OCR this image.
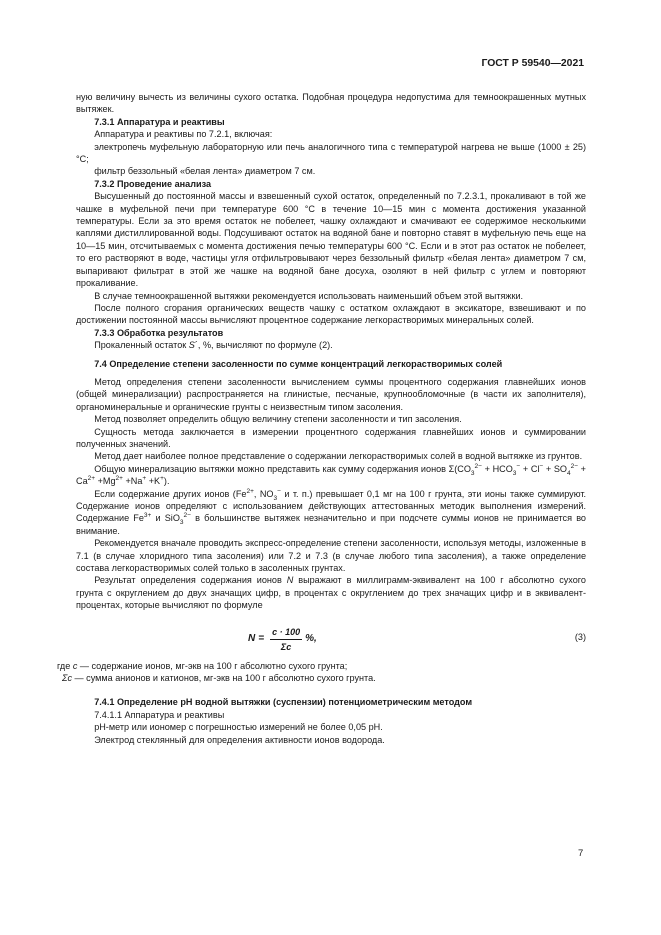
ГОСТ Р 59540—2021

ную величину вычесть из величины сухого остатка. Подобная процедура недопустима для темноокрашенных мутных вытяжек.

7.3.1 Аппаратура и реактивы

Аппаратура и реактивы по 7.2.1, включая:

электропечь муфельную лабораторную или печь аналогичного типа с температурой нагрева не выше (1000 ± 25) °С;

фильтр беззольный «белая лента» диаметром 7 см.

7.3.2 Проведение анализа

Высушенный до постоянной массы и взвешенный сухой остаток, определенный по 7.2.3.1, прокаливают в той же чашке в муфельной печи при температуре 600 °С в течение 10—15 мин с момента достижения указанной температуры. Если за это время остаток не побелеет, чашку охлаждают и смачивают ее содержимое несколькими каплями дистиллированной воды. Подсушивают остаток на водяной бане и повторно ставят в муфельную печь еще на 10—15 мин, отсчитываемых с момента достижения печью температуры 600 °С. Если и в этот раз остаток не побелеет, то его растворяют в воде, частицы угля отфильтровывают через беззольный фильтр «белая лента» диаметром 7 см, выпаривают фильтрат в этой же чашке на водяной бане досуха, озоляют в ней фильтр с углем и повторяют прокаливание.

В случае темноокрашенной вытяжки рекомендуется использовать наименьший объем этой вытяжки.

После полного сгорания органических веществ чашку с остатком охлаждают в эксикаторе, взвешивают и по достижении постоянной массы вычисляют процентное содержание легкорастворимых минеральных солей.

7.3.3 Обработка результатов

Прокаленный остаток S´, %, вычисляют по формуле (2).

7.4 Определение степени засоленности по сумме концентраций легкорастворимых солей

Метод определения степени засоленности вычислением суммы процентного содержания главнейших ионов (общей минерализации) распространяется на глинистые, песчаные, крупнообломочные (в части их заполнителя), органоминеральные и органические грунты с неизвестным типом засоления.

Метод позволяет определить общую величину степени засоленности и тип засоления.

Сущность метода заключается в измерении процентного содержания главнейших ионов и суммировании полученных значений.

Метод дает наиболее полное представление о содержании легкорастворимых солей в водной вытяжке из грунтов.

Общую минерализацию вытяжки можно представить как сумму содержания ионов $\Sigma(CO_3^{2-} + HCO_3^- + Cl^- + SO_4^{2-} + Ca^{2+} +Mg^{2+} +Na^+ +K^+)$.

Если содержание других ионов ($Fe^{2+}$, $NO_3^-$ и т. п.) превышает 0,1 мг на 100 г грунта, эти ионы также суммируют. Содержание ионов определяют с использованием действующих аттестованных методик выполнения измерений. Содержание $Fe^{3+}$ и SiO$_3^{2-}$ в большинстве вытяжек незначительно и при подсчете суммы ионов не принимается во внимание.

Рекомендуется вначале проводить экспресс-определение степени засоленности, используя методы, изложенные в 7.1 (в случае хлоридного типа засоления) или 7.2 и 7.3 (в случае любого типа засоления), а также определение состава легкорастворимых солей только в засоленных грунтах.

Результат определения содержания ионов N выражают в миллиграмм-эквивалент на 100 г абсолютно сухого грунта с округлением до двух значащих цифр, в процентах с округлением до трех значащих цифр и в эквивалент-процентах, которые вычисляют по формуле

$N = \frac{c \cdot 100}{\Sigma c}$ %,	(3)

где c — содержание ионов, мг-экв на 100 г абсолютно сухого грунта;

Σc — сумма анионов и катионов, мг-экв на 100 г абсолютно сухого грунта.

7.4.1 Определение pH водной вытяжки (суспензии) потенциометрическим методом

7.4.1.1 Аппаратура и реактивы

pH-метр или иономер с погрешностью измерений не более 0,05 pH.

Электрод стеклянный для определения активности ионов водорода.

7
